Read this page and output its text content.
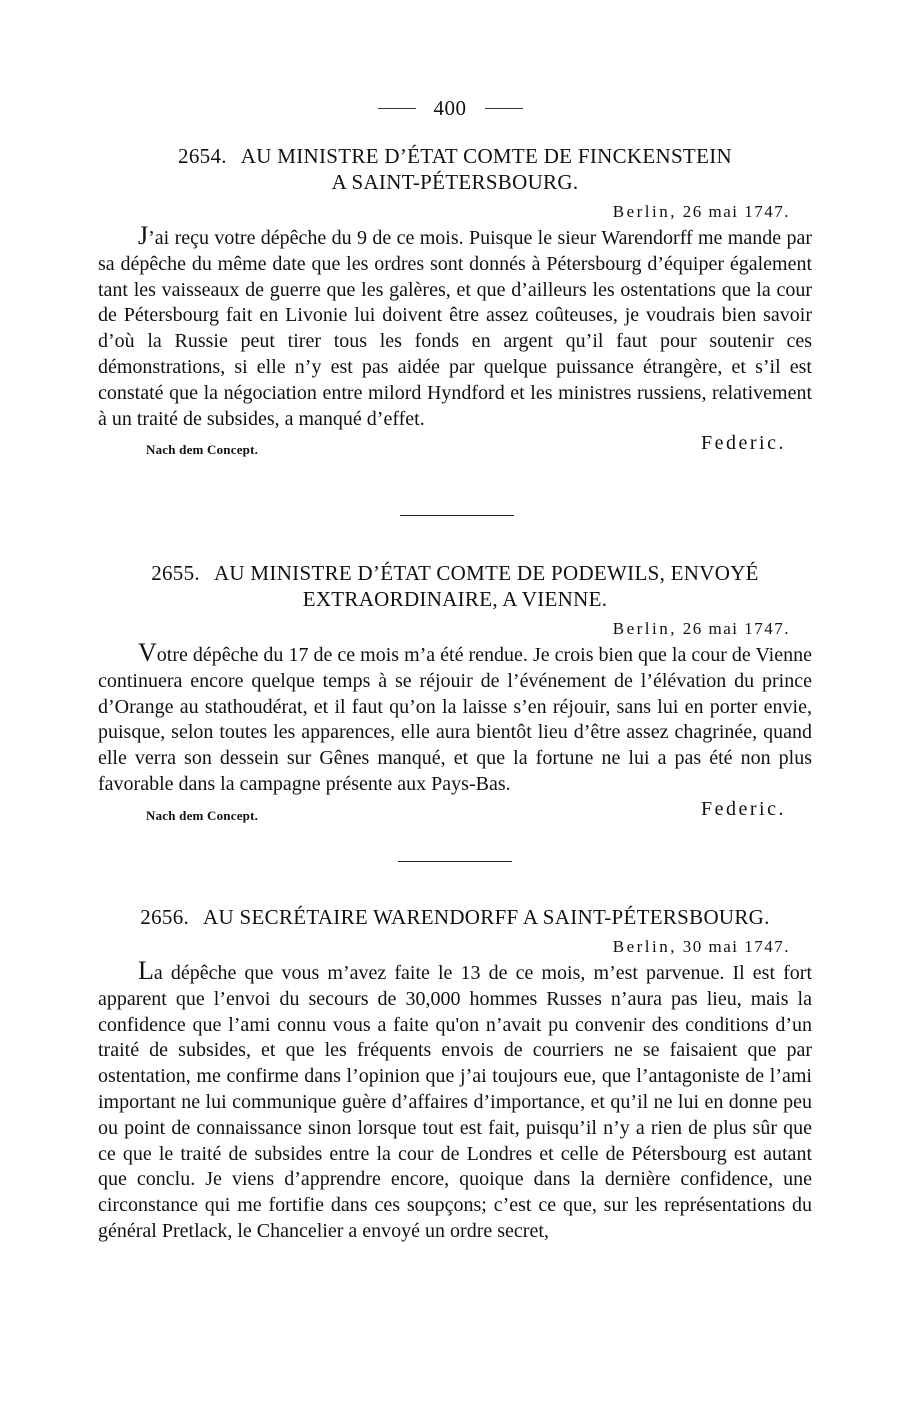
400

2654. AU MINISTRE D’ÉTAT COMTE DE FINCKENSTEIN
A SAINT-PÉTERSBOURG.

Berlin, 26 mai 1747.

J’ai reçu votre dépêche du 9 de ce mois. Puisque le sieur Warendorff me mande par sa dépêche du même date que les ordres sont donnés à Pétersbourg d’équiper également tant les vaisseaux de guerre que les galères, et que d’ailleurs les ostentations que la cour de Pétersbourg fait en Livonie lui doivent être assez coûteuses, je voudrais bien savoir d’où la Russie peut tirer tous les fonds en argent qu’il faut pour soutenir ces démonstrations, si elle n’y est pas aidée par quelque puissance étrangère, et s’il est constaté que la négociation entre milord Hyndford et les ministres russiens, relativement à un traité de subsides, a manqué d’effet.

Nach dem Concept.	Federic.

2655. AU MINISTRE D’ÉTAT COMTE DE PODEWILS, ENVOYÉ
EXTRAORDINAIRE, A VIENNE.

Berlin, 26 mai 1747.

Votre dépêche du 17 de ce mois m’a été rendue. Je crois bien que la cour de Vienne continuera encore quelque temps à se réjouir de l’événement de l’élévation du prince d’Orange au stathoudérat, et il faut qu’on la laisse s’en réjouir, sans lui en porter envie, puisque, selon toutes les apparences, elle aura bientôt lieu d’être assez chagrinée, quand elle verra son dessein sur Gênes manqué, et que la fortune ne lui a pas été non plus favorable dans la campagne présente aux Pays-Bas.

Nach dem Concept.	Federic.

2656. AU SECRÉTAIRE WARENDORFF A SAINT-PÉTERSBOURG.

Berlin, 30 mai 1747.

La dépêche que vous m’avez faite le 13 de ce mois, m’est parvenue. Il est fort apparent que l’envoi du secours de 30,000 hommes Russes n’aura pas lieu, mais la confidence que l’ami connu vous a faite qu'on n’avait pu convenir des conditions d’un traité de subsides, et que les fréquents envois de courriers ne se faisaient que par ostentation, me confirme dans l’opinion que j’ai toujours eue, que l’antagoniste de l’ami important ne lui communique guère d’affaires d’importance, et qu’il ne lui en donne peu ou point de connaissance sinon lorsque tout est fait, puisqu’il n’y a rien de plus sûr que ce que le traité de subsides entre la cour de Londres et celle de Pétersbourg est autant que conclu. Je viens d’apprendre encore, quoique dans la dernière confidence, une circonstance qui me fortifie dans ces soupçons; c’est ce que, sur les représentations du général Pretlack, le Chancelier a envoyé un ordre secret,
